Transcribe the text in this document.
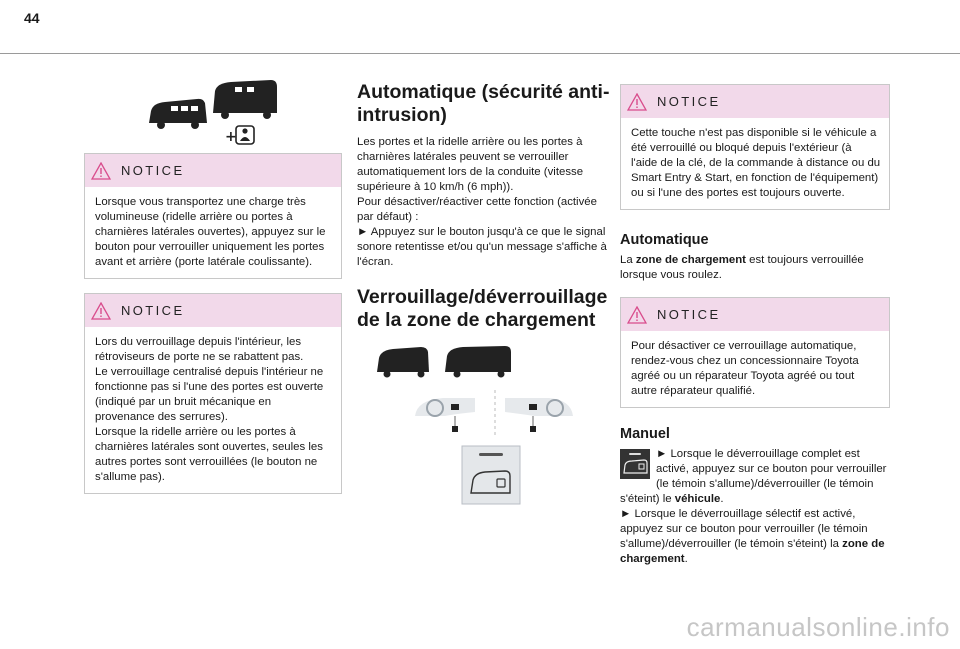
44
+
NOTICE
Lorsque vous transportez une charge très volumineuse (ridelle arrière ou portes à charnières latérales ouvertes), appuyez sur le bouton pour verrouiller uniquement les portes avant et arrière (porte latérale coulissante).
NOTICE
Lors du verrouillage depuis l'intérieur, les rétroviseurs de porte ne se rabattent pas.
Le verrouillage centralisé depuis l'intérieur ne fonctionne pas si l'une des portes est ouverte (indiqué par un bruit mécanique en provenance des serrures).
Lorsque la ridelle arrière ou les portes à charnières latérales sont ouvertes, seules les autres portes sont verrouillées (le bouton ne s'allume pas).
Automatique (sécurité anti-intrusion)
Les portes et la ridelle arrière ou les portes à charnières latérales peuvent se verrouiller automatiquement lors de la conduite (vitesse supérieure à 10 km/h (6 mph)).
Pour désactiver/réactiver cette fonction (activée par défaut) :
► Appuyez sur le bouton jusqu'à ce que le signal sonore retentisse et/ou qu'un message s'affiche à l'écran.
Verrouillage/déverrouillage de la zone de chargement
NOTICE
Cette touche n'est pas disponible si le véhicule a été verrouillé ou bloqué depuis l'extérieur (à l'aide de la clé, de la commande à distance ou du Smart Entry & Start, en fonction de l'équipement) ou si l'une des portes est toujours ouverte.
Automatique
La zone de chargement est toujours verrouillée lorsque vous roulez.
NOTICE
Pour désactiver ce verrouillage automatique, rendez-vous chez un concessionnaire Toyota agréé ou un réparateur Toyota agréé ou tout autre réparateur qualifié.
Manuel
► Lorsque le déverrouillage complet est activé, appuyez sur ce bouton pour verrouiller (le témoin s'allume)/déverrouiller (le témoin s'éteint) le véhicule.
► Lorsque le déverrouillage sélectif est activé, appuyez sur ce bouton pour verrouiller (le témoin s'allume)/déverrouiller (le témoin s'éteint) la zone de chargement.
carmanualsonline.info
